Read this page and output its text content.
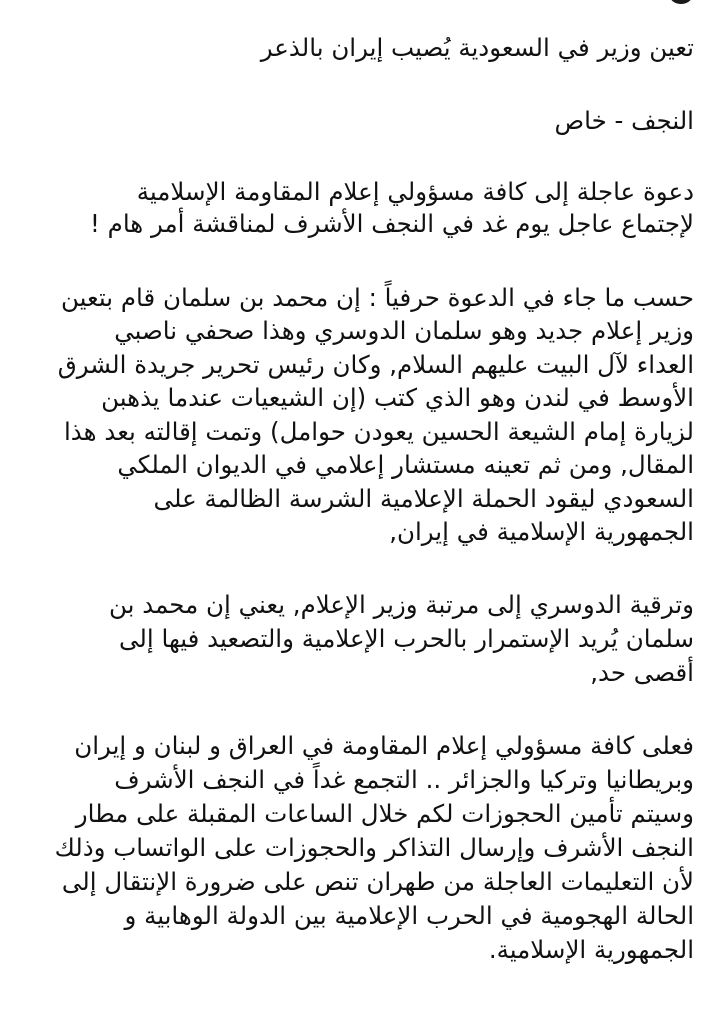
تعين وزير في السعودية يُصيب إيران بالذعر

النجف - خاص

دعوة عاجلة إلى كافة مسؤولي إعلام المقاومة الإسلامية

لإجتماع عاجل يوم غد في النجف الأشرف لمناقشة أمر هام !

حسب ما جاء في الدعوة حرفياً : إن محمد بن سلمان قام بتعين

وزير إعلام جديد وهو سلمان الدوسري وهذا صحفي ناصبي

العداء لآل البيت عليهم السلام, وكان رئيس تحرير جريدة الشرق

الأوسط في لندن وهو الذي كتب (إن الشيعيات عندما يذهبن

لزيارة إمام الشيعة الحسين يعودن حوامل) وتمت إقالته بعد هذا

المقال, ومن ثم تعينه مستشار إعلامي في الديوان الملكي

السعودي ليقود الحملة الإعلامية الشرسة الظالمة على

الجمهورية الإسلامية في إيران,

وترقية الدوسري إلى مرتبة وزير الإعلام, يعني إن محمد بن

سلمان يُريد الإستمرار بالحرب الإعلامية والتصعيد فيها إلى

أقصى حد,

فعلى كافة مسؤولي إعلام المقاومة في العراق و لبنان و إيران

وبريطانيا وتركيا والجزائر .. التجمع غداً في النجف الأشرف

وسيتم تأمين الحجوزات لكم خلال الساعات المقبلة على مطار

النجف الأشرف وإرسال التذاكر والحجوزات على الواتساب وذلك

لأن التعليمات العاجلة من طهران تنص على ضرورة الإنتقال إلى

الحالة الهجومية في الحرب الإعلامية بين الدولة الوهابية و

الجمهورية الإسلامية.
